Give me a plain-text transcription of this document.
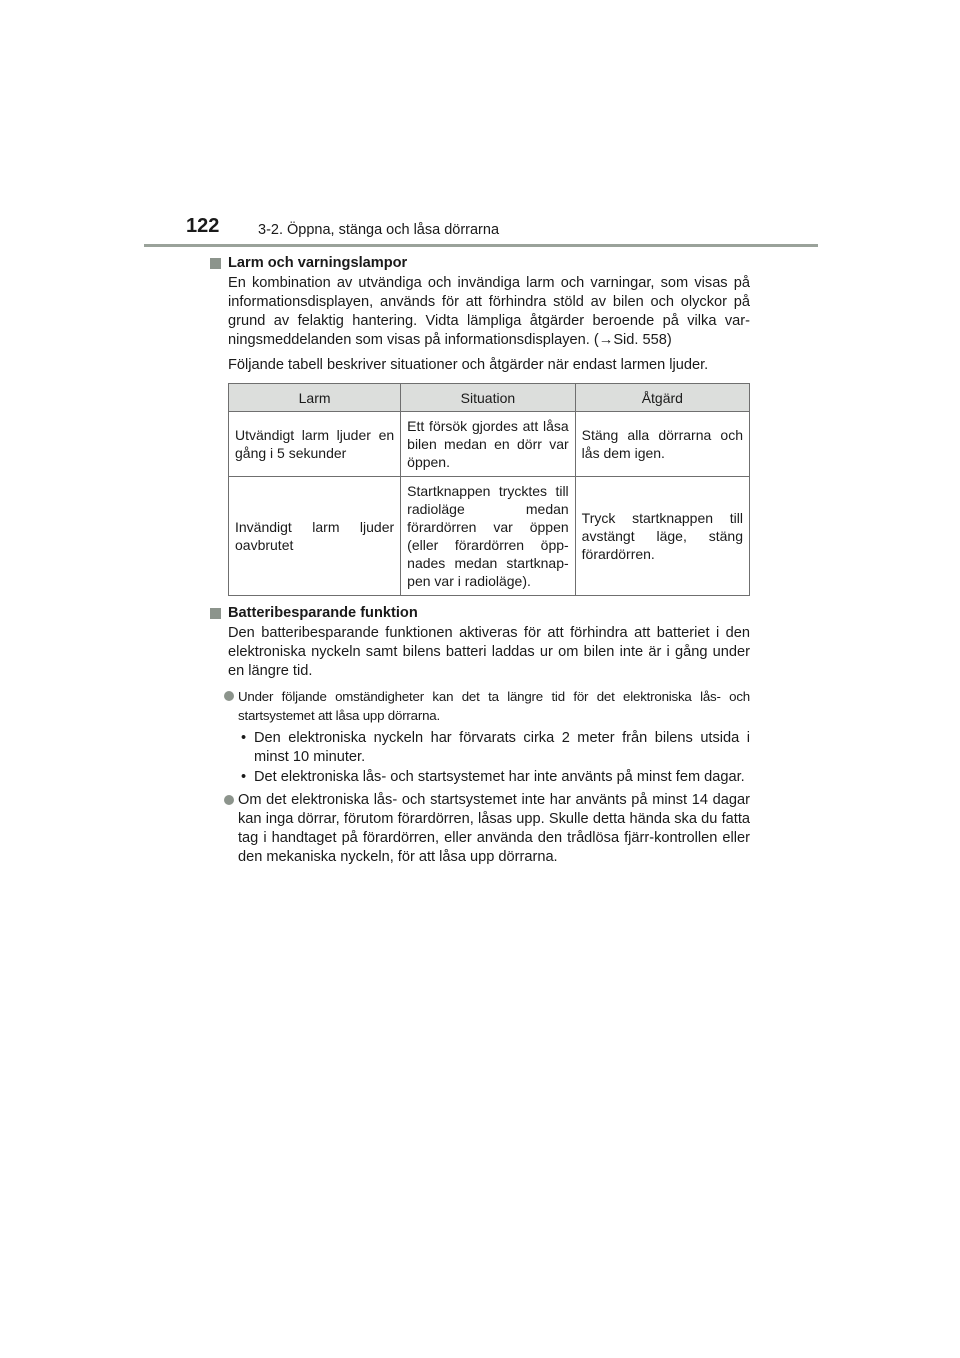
122	3-2. Öppna, stänga och låsa dörrarna
Larm och varningslampor
En kombination av utvändiga och invändiga larm och varningar, som visas på informationsdisplayen, används för att förhindra stöld av bilen och olyckor på grund av felaktig hantering. Vidta lämpliga åtgärder beroende på vilka var-ningsmeddelanden som visas på informationsdisplayen. (→Sid. 558)
Följande tabell beskriver situationer och åtgärder när endast larmen ljuder.
Larm	Situation	Åtgärd
Utvändigt larm ljuder en gång i 5 sekunder	Ett försök gjordes att låsa bilen medan en dörr var öppen.	Stäng alla dörrarna och lås dem igen.
Invändigt larm ljuder oavbrutet	Startknappen trycktes till radioläge medan förardörren var öppen (eller förardörren öpp-nades medan startknap-pen var i radioläge).	Tryck startknappen till avstängt läge, stäng förardörren.
Batteribesparande funktion
Den batteribesparande funktionen aktiveras för att förhindra att batteriet i den elektroniska nyckeln samt bilens batteri laddas ur om bilen inte är i gång under en längre tid.
Under följande omständigheter kan det ta längre tid för det elektroniska lås- och startsystemet att låsa upp dörrarna.
• Den elektroniska nyckeln har förvarats cirka 2 meter från bilens utsida i minst 10 minuter.
• Det elektroniska lås- och startsystemet har inte använts på minst fem dagar.
Om det elektroniska lås- och startsystemet inte har använts på minst 14 dagar kan inga dörrar, förutom förardörren, låsas upp. Skulle detta hända ska du fatta tag i handtaget på förardörren, eller använda den trådlösa fjärr-kontrollen eller den mekaniska nyckeln, för att låsa upp dörrarna.
